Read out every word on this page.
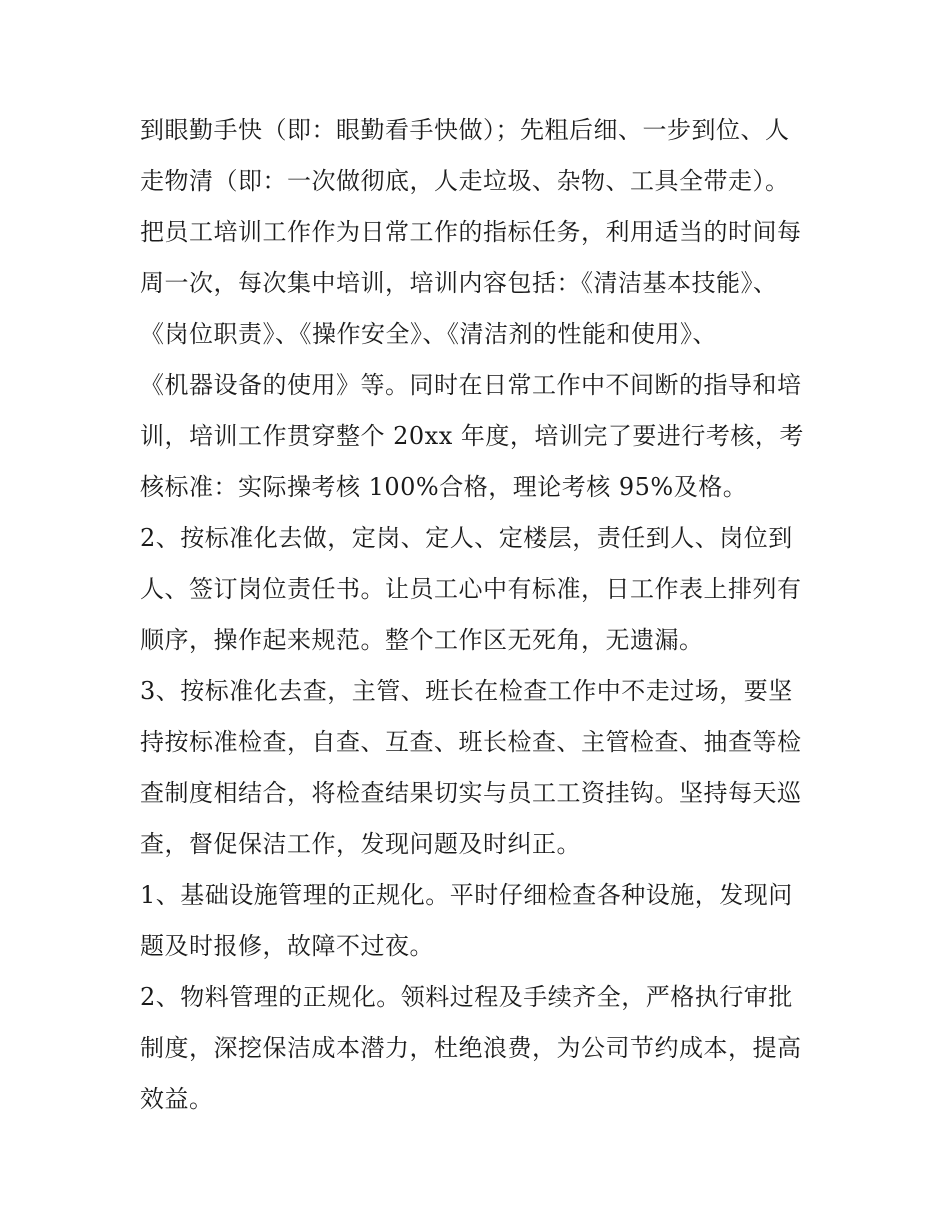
到眼勤手快（即：眼勤看手快做）；先粗后细、一步到位、人
走物清（即：一次做彻底，人走垃圾、杂物、工具全带走）。
把员工培训工作作为日常工作的指标任务，利用适当的时间每
周一次，每次集中培训，培训内容包括：《清洁基本技能》、
《岗位职责》、《操作安全》、《清洁剂的性能和使用》、
《机器设备的使用》等。同时在日常工作中不间断的指导和培
训，培训工作贯穿整个 20xx 年度，培训完了要进行考核，考
核标准：实际操考核 100%合格，理论考核 95%及格。

2、按标准化去做，定岗、定人、定楼层，责任到人、岗位到
人、签订岗位责任书。让员工心中有标准，日工作表上排列有
顺序，操作起来规范。整个工作区无死角，无遗漏。

3、按标准化去查，主管、班长在检查工作中不走过场，要坚
持按标准检查，自查、互查、班长检查、主管检查、抽查等检
查制度相结合，将检查结果切实与员工工资挂钩。坚持每天巡
查，督促保洁工作，发现问题及时纠正。

1、基础设施管理的正规化。平时仔细检查各种设施，发现问
题及时报修，故障不过夜。

2、物料管理的正规化。领料过程及手续齐全，严格执行审批
制度，深挖保洁成本潜力，杜绝浪费，为公司节约成本，提高
效益。
